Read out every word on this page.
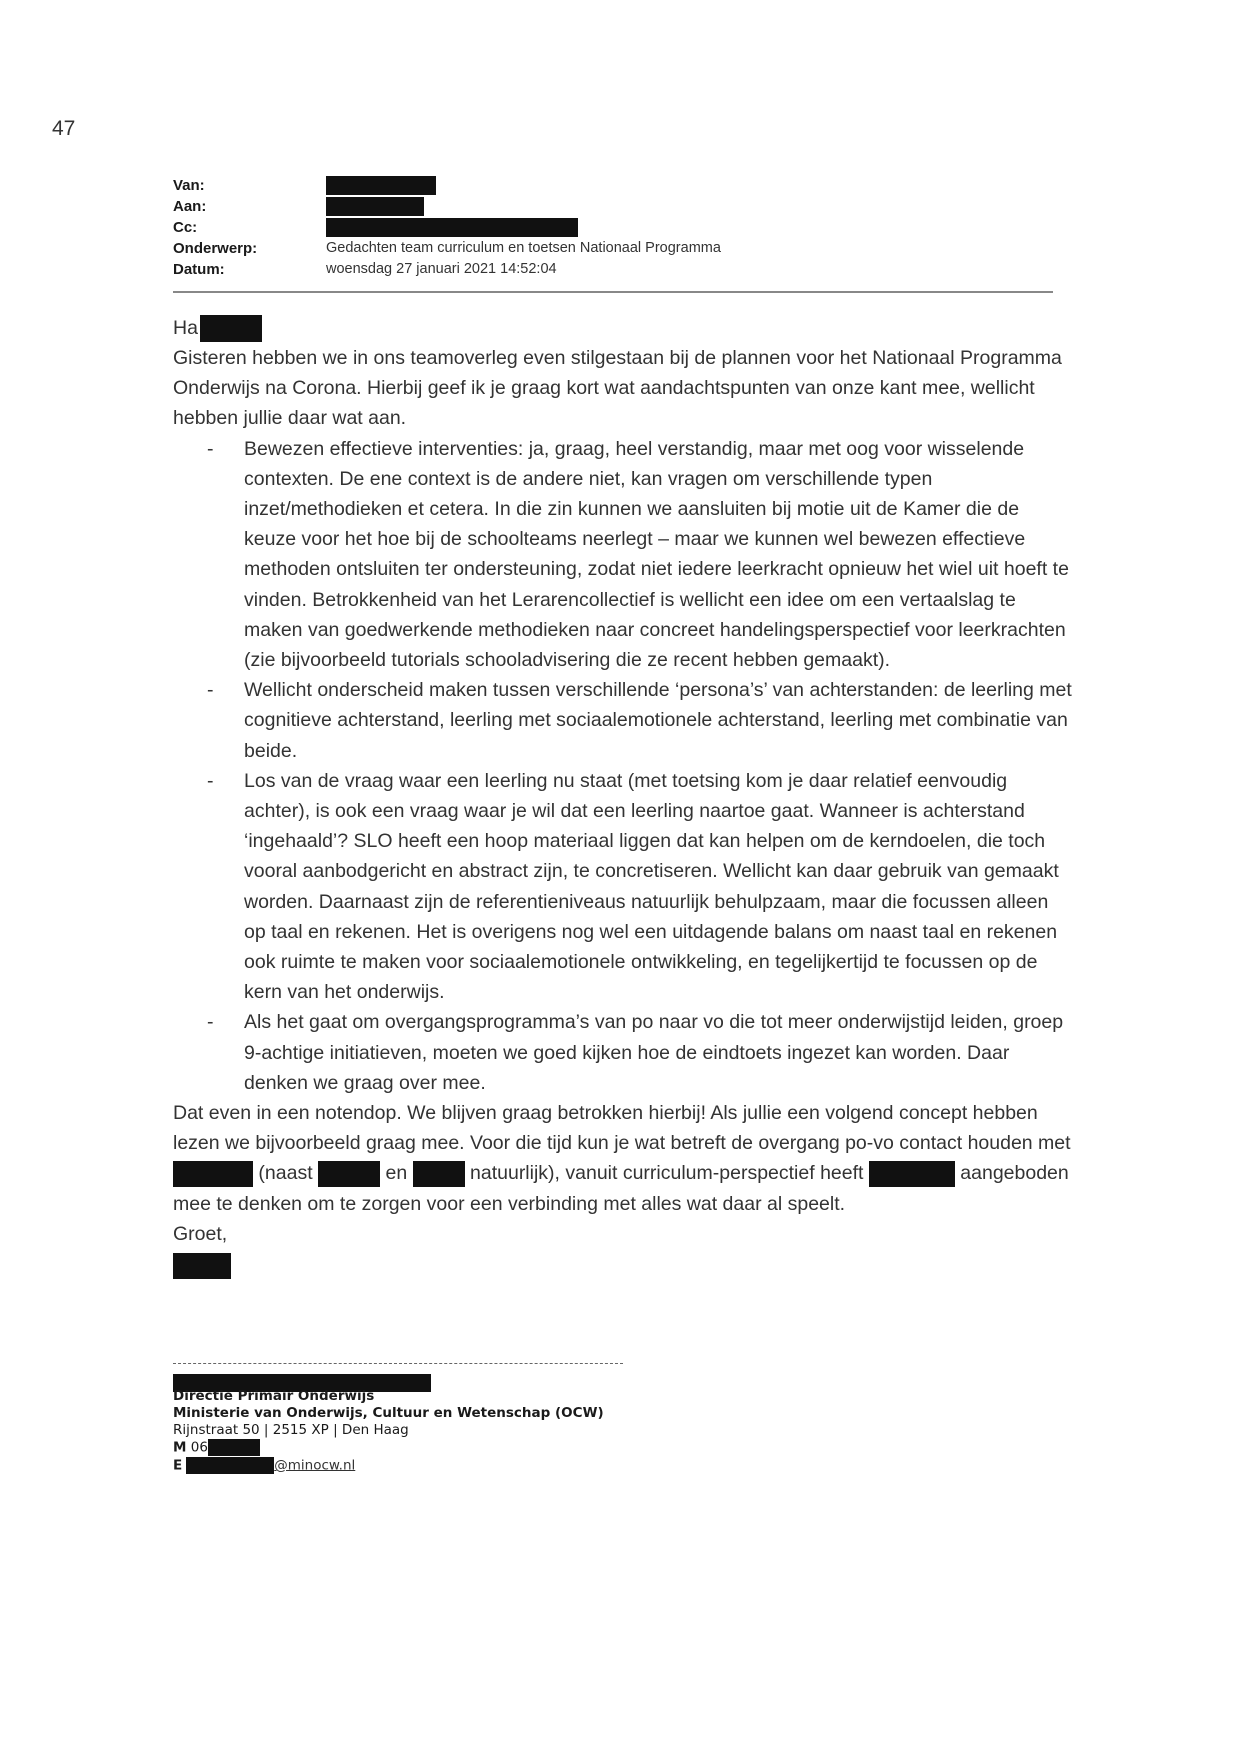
47
Van:
Aan:
Cc:
Onderwerp:	Gedachten team curriculum en toetsen Nationaal Programma
Datum:	woensdag 27 januari 2021 14:52:04

Ha

Gisteren hebben we in ons teamoverleg even stilgestaan bij de plannen voor het Nationaal Programma Onderwijs na Corona. Hierbij geef ik je graag kort wat aandachtspunten van onze kant mee, wellicht hebben jullie daar wat aan.

- Bewezen effectieve interventies: ja, graag, heel verstandig, maar met oog voor wisselende contexten. De ene context is de andere niet, kan vragen om verschillende typen inzet/methodieken et cetera. In die zin kunnen we aansluiten bij motie uit de Kamer die de keuze voor het hoe bij de schoolteams neerlegt – maar we kunnen wel bewezen effectieve methoden ontsluiten ter ondersteuning, zodat niet iedere leerkracht opnieuw het wiel uit hoeft te vinden. Betrokkenheid van het Lerarencollectief is wellicht een idee om een vertaalslag te maken van goedwerkende methodieken naar concreet handelingsperspectief voor leerkrachten (zie bijvoorbeeld tutorials schooladvisering die ze recent hebben gemaakt).
- Wellicht onderscheid maken tussen verschillende ‘persona’s’ van achterstanden: de leerling met cognitieve achterstand, leerling met sociaalemotionele achterstand, leerling met combinatie van beide.
- Los van de vraag waar een leerling nu staat (met toetsing kom je daar relatief eenvoudig achter), is ook een vraag waar je wil dat een leerling naartoe gaat. Wanneer is achterstand ‘ingehaald’? SLO heeft een hoop materiaal liggen dat kan helpen om de kerndoelen, die toch vooral aanbodgericht en abstract zijn, te concretiseren. Wellicht kan daar gebruik van gemaakt worden. Daarnaast zijn de referentieniveaus natuurlijk behulpzaam, maar die focussen alleen op taal en rekenen. Het is overigens nog wel een uitdagende balans om naast taal en rekenen ook ruimte te maken voor sociaalemotionele ontwikkeling, en tegelijkertijd te focussen op de kern van het onderwijs.
- Als het gaat om overgangsprogramma’s van po naar vo die tot meer onderwijstijd leiden, groep 9-achtige initiatieven, moeten we goed kijken hoe de eindtoets ingezet kan worden. Daar denken we graag over mee.

Dat even in een notendop. We blijven graag betrokken hierbij! Als jullie een volgend concept hebben lezen we bijvoorbeeld graag mee. Voor die tijd kun je wat betreft de overgang po-vo contact houden met  (naast	en	natuurlijk), vanuit curriculum-perspectief heeft	aangeboden mee te denken om te zorgen voor een verbinding met alles wat daar al speelt.

Groet,

Directie Primair Onderwijs
Ministerie van Onderwijs, Cultuur en Wetenschap (OCW)
Rijnstraat 50 | 2515 XP | Den Haag
M 06
E	@minocw.nl
